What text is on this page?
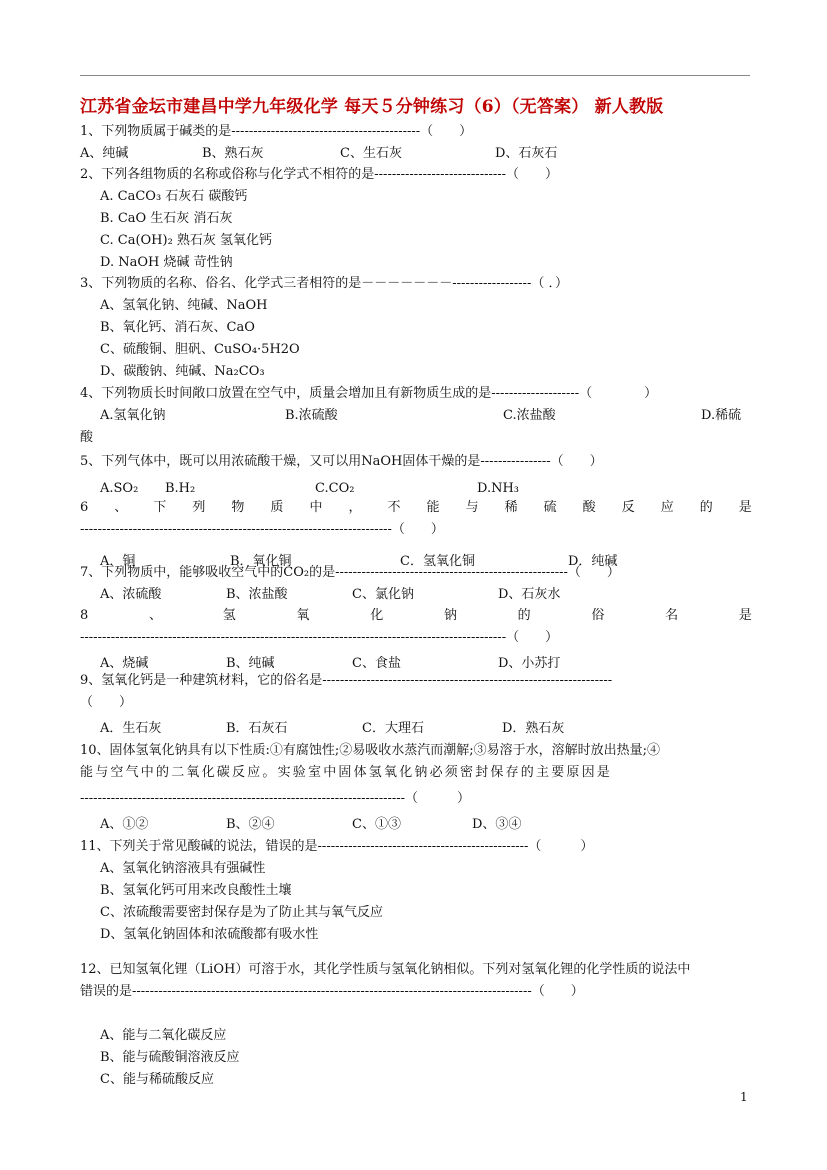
江苏省金坛市建昌中学九年级化学 每天５分钟练习（6）（无答案） 新人教版
1、下列物质属于碱类的是-------------------------------------------（　　）
A、纯碱	B、熟石灰	C、生石灰	D、石灰石
2、下列各组物质的名称或俗称与化学式不相符的是------------------------------（　　）
A. CaCO₃ 石灰石 碳酸钙
B. CaO 生石灰 消石灰
C. Ca(OH)₂ 熟石灰 氢氧化钙
D. NaOH 烧碱 苛性钠
3、下列物质的名称、俗名、化学式三者相符的是－－－－－－－------------------（ ．）
A、氢氧化钠、纯碱、NaOH
B、氧化钙、消石灰、CaO
C、硫酸铜、胆矾、CuSO₄·5H2O
D、碳酸钠、纯碱、Na₂CO₃
4、下列物质长时间敞口放置在空气中，质量会增加且有新物质生成的是--------------------（　　　　）
A.氢氧化钠	B.浓硫酸	C.浓盐酸	D.稀硫
酸
5、下列气体中，既可以用浓硫酸干燥，又可以用NaOH固体干燥的是----------------（　　）
A.SO₂	B.H₂	C.CO₂	D.NH₃
6 、 下 列 物 质 中 ， 不 能 与 稀 硫 酸 反 应 的 是
-----------------------------------------------------------------------（　　）
A．铜	B．氧化铜	C．氢氧化铜	D．纯碱
7、下列物质中，能够吸收空气中的CO₂的是-----------------------------------------------------（　　）
A、浓硫酸	B、浓盐酸	C、氯化钠	D、石灰水
8	、	氢	氧	化	钠	的	俗	名	是
-------------------------------------------------------------------------------------------------（　　）
A、烧碱	B、纯碱	C、食盐	D、小苏打
9、氢氧化钙是一种建筑材料，它的俗名是------------------------------------------------------------------
（　　）
A．生石灰	B．石灰石	C．大理石	D．熟石灰
10、固体氢氧化钠具有以下性质:①有腐蚀性;②易吸收水蒸汽而潮解;③易溶于水，溶解时放出热量;④
能与空气中的二氧化碳反应。实验室中固体氢氧化钠必须密封保存的主要原因是
--------------------------------------------------------------------------（　　　）
A、①②	B、②④	C、①③	D、③④
11、下列关于常见酸碱的说法，错误的是------------------------------------------------（　　　）
A、氢氧化钠溶液具有强碱性
B、氢氧化钙可用来改良酸性土壤
C、浓硫酸需要密封保存是为了防止其与氧气反应
D、氢氧化钠固体和浓硫酸都有吸水性
12、已知氢氧化锂（LiOH）可溶于水，其化学性质与氢氧化钠相似。下列对氢氧化锂的化学性质的说法中
错误的是-------------------------------------------------------------------------------------------（　　）
A、能与二氧化碳反应
B、能与硫酸铜溶液反应
C、能与稀硫酸反应
1
